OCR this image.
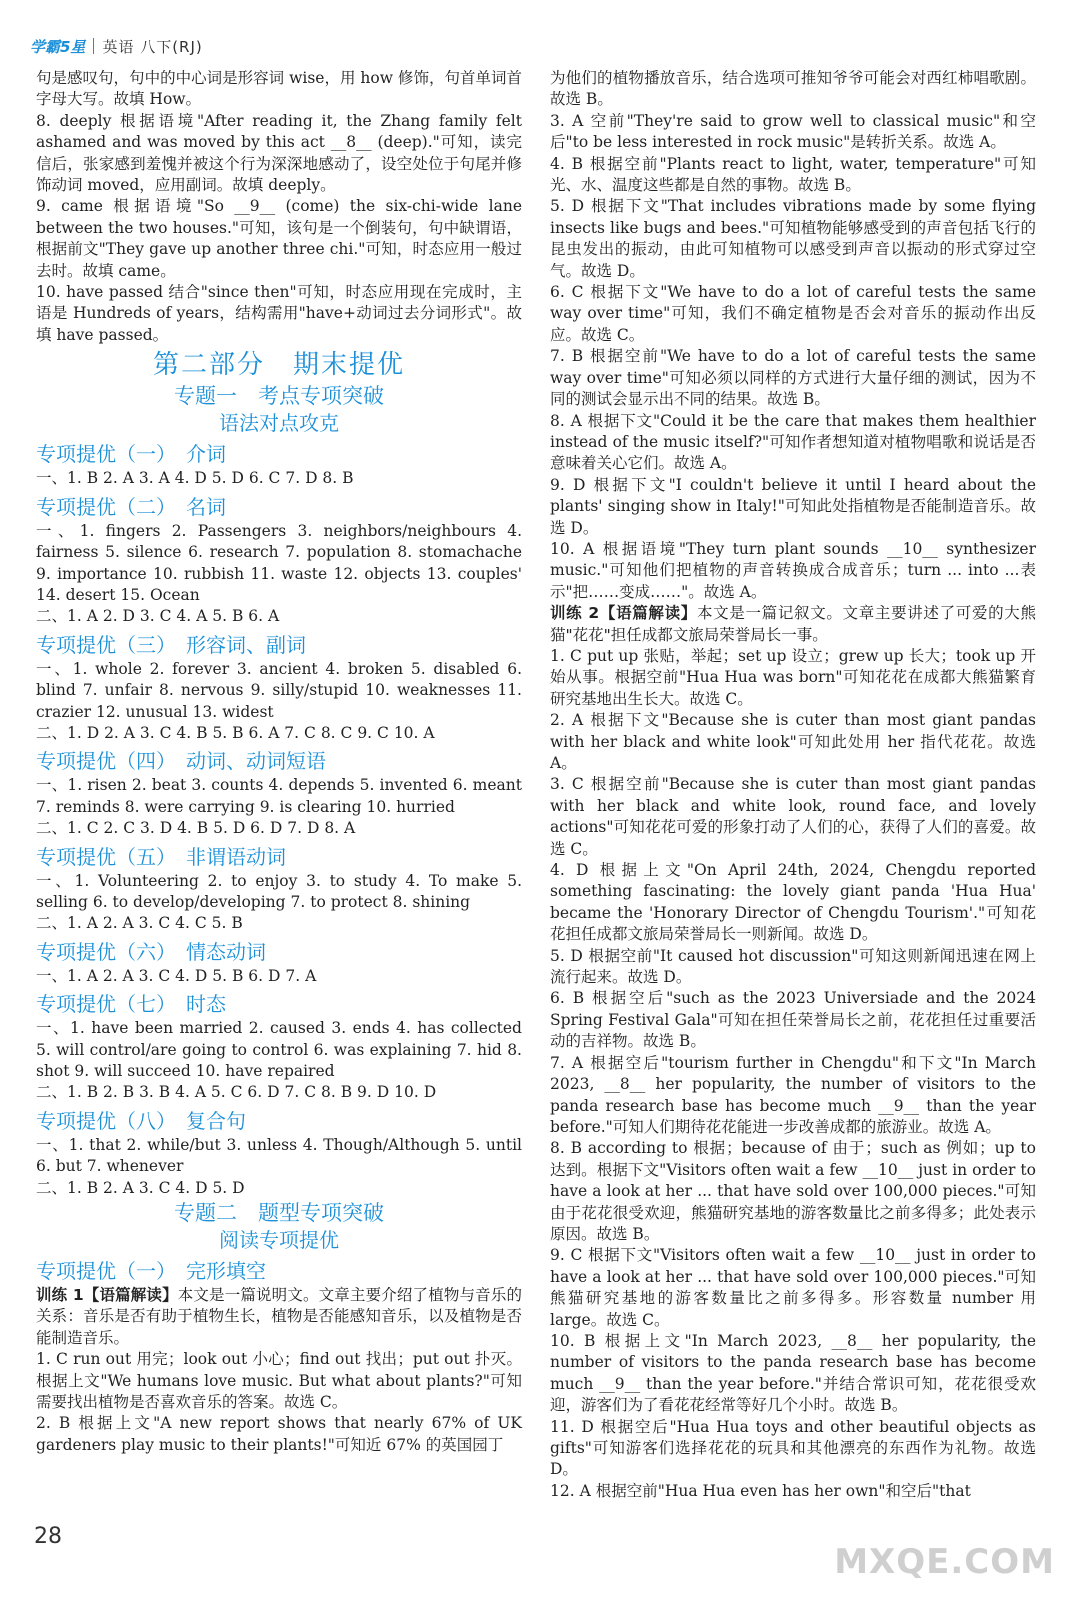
学霸5星 英语 八下(RJ)

句是感叹句，句中的中心词是形容词 wise，用 how 修饰，句首单词首字母大写。故填 How。

8. deeply 根据语境"After reading it, the Zhang family felt ashamed and was moved by this act __8__ (deep)."可知，读完信后，张家感到羞愧并被这个行为深深地感动了，设空处位于句尾并修饰动词 moved，应用副词。故填 deeply。

9. came 根据语境"So __9__ (come) the six-chi-wide lane between the two houses."可知，该句是一个倒装句，句中缺谓语，根据前文"They gave up another three chi."可知，时态应用一般过去时。故填 came。

10. have passed 结合"since then"可知，时态应用现在完成时，主语是 Hundreds of years，结构需用"have+动词过去分词形式"。故填 have passed。

第二部分　期末提优
专题一　考点专项突破
语法对点攻克
专项提优（一）　介词

一、1. B 2. A 3. A 4. D 5. D 6. C 7. D 8. B

专项提优（二）　名词

一、1. fingers 2. Passengers 3. neighbors/neighbours 4. fairness 5. silence 6. research 7. population 8. stomachache 9. importance 10. rubbish 11. waste 12. objects 13. couples' 14. desert 15. Ocean

二、1. A 2. D 3. C 4. A 5. B 6. A

专项提优（三）　形容词、副词

一、1. whole 2. forever 3. ancient 4. broken 5. disabled 6. blind 7. unfair 8. nervous 9. silly/stupid 10. weaknesses 11. crazier 12. unusual 13. widest

二、1. D 2. A 3. C 4. B 5. B 6. A 7. C 8. C 9. C 10. A

专项提优（四）　动词、动词短语

一、1. risen 2. beat 3. counts 4. depends 5. invented 6. meant 7. reminds 8. were carrying 9. is clearing 10. hurried

二、1. C 2. C 3. D 4. B 5. D 6. D 7. D 8. A

专项提优（五）　非谓语动词

一、1. Volunteering 2. to enjoy 3. to study 4. To make 5. selling 6. to develop/developing 7. to protect 8. shining

二、1. A 2. A 3. C 4. C 5. B

专项提优（六）　情态动词

一、1. A 2. A 3. C 4. D 5. B 6. D 7. A

专项提优（七）　时态

一、1. have been married 2. caused 3. ends 4. has collected 5. will control/are going to control 6. was explaining 7. hid 8. shot 9. will succeed 10. have repaired

二、1. B 2. B 3. B 4. A 5. C 6. D 7. C 8. B 9. D 10. D

专项提优（八）　复合句

一、1. that 2. while/but 3. unless 4. Though/Although 5. until 6. but 7. whenever

二、1. B 2. A 3. C 4. D 5. D

专题二　题型专项突破
阅读专项提优
专项提优（一）　完形填空

训练 1【语篇解读】本文是一篇说明文。文章主要介绍了植物与音乐的关系：音乐是否有助于植物生长，植物是否能感知音乐，以及植物是否能制造音乐。

1. C run out 用完；look out 小心；find out 找出；put out 扑灭。根据上文"We humans love music. But what about plants?"可知需要找出植物是否喜欢音乐的答案。故选 C。

2. B 根据上文"A new report shows that nearly 67% of UK gardeners play music to their plants!"可知近 67% 的英国园丁

为他们的植物播放音乐，结合选项可推知爷爷可能会对西红柿唱歌剧。故选 B。

3. A 空前"They're said to grow well to classical music"和空后"to be less interested in rock music"是转折关系。故选 A。

4. B 根据空前"Plants react to light, water, temperature"可知光、水、温度这些都是自然的事物。故选 B。

5. D 根据下文"That includes vibrations made by some flying insects like bugs and bees."可知植物能够感受到的声音包括飞行的昆虫发出的振动，由此可知植物可以感受到声音以振动的形式穿过空气。故选 D。

6. C 根据下文"We have to do a lot of careful tests the same way over time"可知，我们不确定植物是否会对音乐的振动作出反应。故选 C。

7. B 根据空前"We have to do a lot of careful tests the same way over time"可知必须以同样的方式进行大量仔细的测试，因为不同的测试会显示出不同的结果。故选 B。

8. A 根据下文"Could it be the care that makes them healthier instead of the music itself?"可知作者想知道对植物唱歌和说话是否意味着关心它们。故选 A。

9. D 根据下文"I couldn't believe it until I heard about the plants' singing show in Italy!"可知此处指植物是否能制造音乐。故选 D。

10. A 根据语境"They turn plant sounds __10__ synthesizer music."可知他们把植物的声音转换成合成音乐；turn ... into ...表示"把……变成……"。故选 A。

训练 2【语篇解读】本文是一篇记叙文。文章主要讲述了可爱的大熊猫"花花"担任成都文旅局荣誉局长一事。

1. C put up 张贴，举起；set up 设立；grew up 长大；took up 开始从事。根据空前"Hua Hua was born"可知花花在成都大熊猫繁育研究基地出生长大。故选 C。

2. A 根据下文"Because she is cuter than most giant pandas with her black and white look"可知此处用 her 指代花花。故选 A。

3. C 根据空前"Because she is cuter than most giant pandas with her black and white look, round face, and lovely actions"可知花花可爱的形象打动了人们的心，获得了人们的喜爱。故选 C。

4. D 根据上文"On April 24th, 2024, Chengdu reported something fascinating: the lovely giant panda 'Hua Hua' became the 'Honorary Director of Chengdu Tourism'."可知花花担任成都文旅局荣誉局长一则新闻。故选 D。

5. D 根据空前"It caused hot discussion"可知这则新闻迅速在网上流行起来。故选 D。

6. B 根据空后"such as the 2023 Universiade and the 2024 Spring Festival Gala"可知在担任荣誉局长之前，花花担任过重要活动的吉祥物。故选 B。

7. A 根据空后"tourism further in Chengdu"和下文"In March 2023, __8__ her popularity, the number of visitors to the panda research base has become much __9__ than the year before."可知人们期待花花能进一步改善成都的旅游业。故选 A。

8. B according to 根据；because of 由于；such as 例如；up to 达到。根据下文"Visitors often wait a few __10__ just in order to have a look at her ... that have sold over 100,000 pieces."可知由于花花很受欢迎，熊猫研究基地的游客数量比之前多得多；此处表示原因。故选 B。

9. C 根据下文"Visitors often wait a few __10__ just in order to have a look at her ... that have sold over 100,000 pieces."可知熊猫研究基地的游客数量比之前多得多。形容数量 number 用 large。故选 C。

10. B 根据上文"In March 2023, __8__ her popularity, the number of visitors to the panda research base has become much __9__ than the year before."并结合常识可知，花花很受欢迎，游客们为了看花花经常等好几个小时。故选 B。

11. D 根据空后"Hua Hua toys and other beautiful objects as gifts"可知游客们选择花花的玩具和其他漂亮的东西作为礼物。故选 D。

12. A 根据空前"Hua Hua even has her own"和空后"that

28
MXQE.COM
